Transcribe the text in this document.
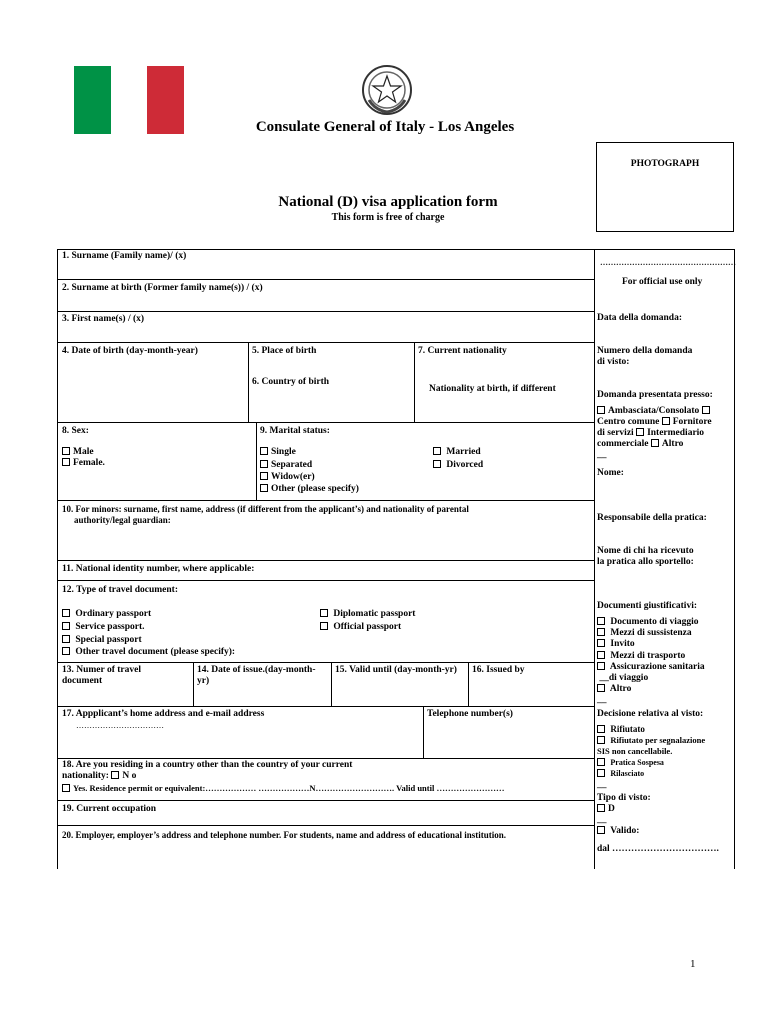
Consulate General of Italy - Los Angeles
PHOTOGRAPH
National (D) visa application form
This form is free of charge
1. Surname (Family name)/ (x)
2. Surname at birth (Former family name(s)) / (x)
3. First name(s) / (x)
4. Date of birth (day-month-year)	5. Place of birth
6. Country of birth
7. Current nationality
Nationality at birth, if different
8. Sex:
Male
Female.
9. Marital status:
Single
Separated
Widow(er)
Other (please specify)
Married
Divorced
10. For minors: surname, first name, address (if different from the applicant’s) and nationality of parental
authority/legal guardian:
11. National identity number, where applicable:
12. Type of travel document:
Ordinary passport
Service passport.
Special passport
Other travel document (please specify):
Diplomatic passport
Official passport
13. Numer of travel
document
14. Date of issue.(day-month-
yr)
15. Valid until (day-month-yr) 16. Issued by
17. Appplicant’s home address and e-mail address
……………………………
Telephone number(s)
18. Are you residing in a country other than the country of your current
nationality: N o
Yes. Residence permit or equivalent:……………… ………………N………………………. Valid until ……………………
19. Current occupation
20. Employer, employer’s address and telephone number. For students, name and address of educational institution.
……………………………………………
For official use only
Data della domanda:
Numero della domanda
di visto:
Domanda presentata presso:
Ambasciata/Consolato
Centro comune Fornitore
di servizi Intermediario
commerciale Altro
__
Nome:
Responsabile della pratica:
Nome di chi ha ricevuto
la pratica allo sportello:
Documenti giustificativi:
Documento di viaggio
Mezzi di sussistenza
Invito
Mezzi di trasporto
Assicurazione sanitaria
__di viaggio
Altro
__
Decisione relativa al visto:
Rifiutato
Rifiutato per segnalazione
SIS non cancellabile.
Pratica Sospesa
Rilasciato
__
Tipo di visto:
D
__
Valido:
dal …………………………….
1
